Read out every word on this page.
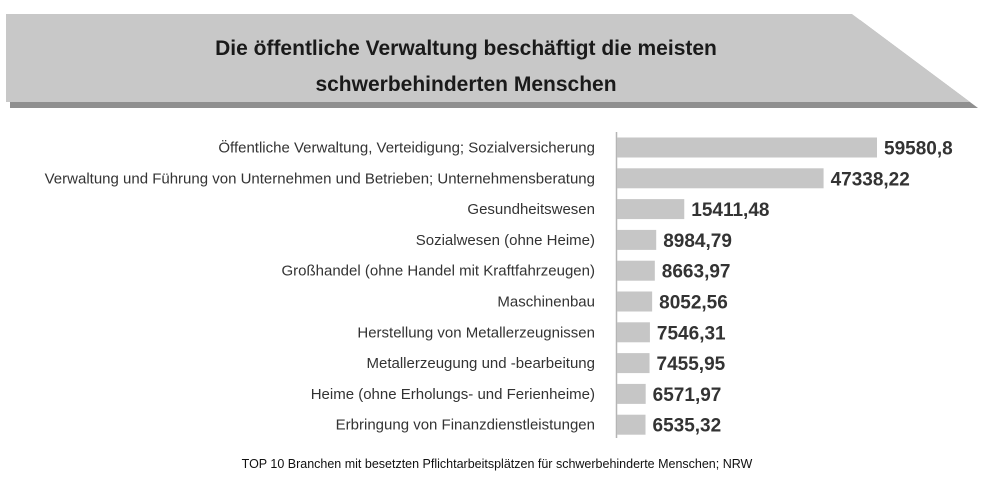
Die öffentliche Verwaltung beschäftigt die meisten
schwerbehinderten Menschen
Öffentliche Verwaltung, Verteidigung; Sozialversicherung
Verwaltung und Führung von Unternehmen und Betrieben; Unternehmensberatung
Gesundheitswesen
Sozialwesen (ohne Heime)
Großhandel (ohne Handel mit Kraftfahrzeugen)
Maschinenbau
Herstellung von Metallerzeugnissen
Metallerzeugung und -bearbeitung
Heime (ohne Erholungs- und Ferienheime)
Erbringung von Finanzdienstleistungen
59580,8
47338,22
15411,48
8984,79
8663,97
8052,56
7546,31
7455,95
6571,97
6535,32
TOP 10 Branchen mit besetzten Pflichtarbeitsplätzen für schwerbehinderte Menschen; NRW
